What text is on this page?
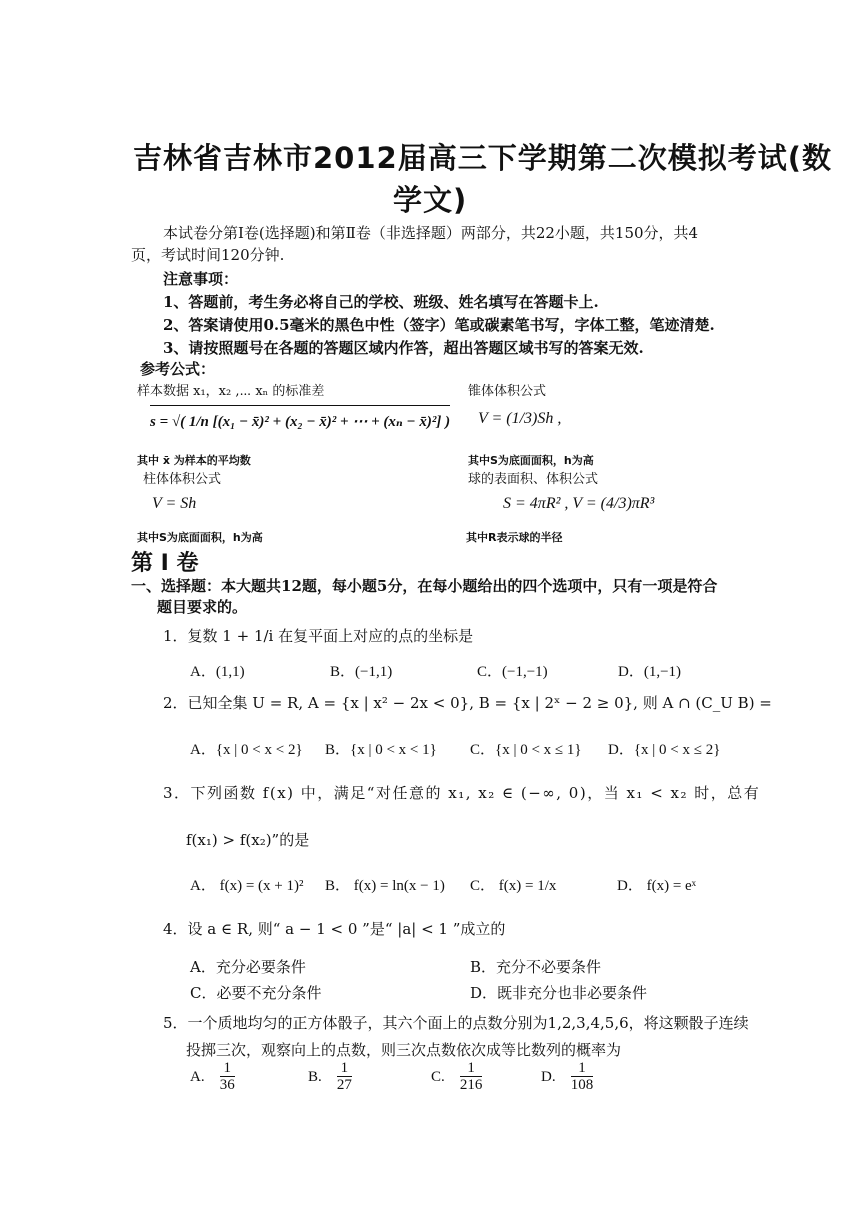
吉林省吉林市2012届高三下学期第二次模拟考试(数
学文)
本试卷分第Ⅰ卷(选择题)和第Ⅱ卷（非选择题）两部分，共22小题，共150分，共4
页，考试时间120分钟.
注意事项：
1、答题前，考生务必将自己的学校、班级、姓名填写在答题卡上.
2、答案请使用0.5毫米的黑色中性（签字）笔或碳素笔书写，字体工整，笔迹清楚.
3、请按照题号在各题的答题区域内作答，超出答题区域书写的答案无效.
参考公式：
样本数据 x₁，x₂ ,⋯ xₙ 的标准差
s = √( 1/n [(x₁ − x̄)² + (x₂ − x̄)² + ⋯ + (xₙ − x̄)²] )
其中 x̄ 为样本的平均数
柱体体积公式
V = Sh
其中S为底面面积，h为高
锥体体积公式
V = (1/3)Sh ,
其中S为底面面积，h为高
球的表面积、体积公式
S = 4πR² , V = (4/3)πR³
其中R表示球的半径
第 I 卷
一、选择题：本大题共12题，每小题5分，在每小题给出的四个选项中，只有一项是符合
题目要求的。
1．复数 1 + 1/i 在复平面上对应的点的坐标是
A．(1,1)	B．(−1,1)	C．(−1,−1)	D．(1,−1)
2．已知全集 U = R, A = {x | x² − 2x < 0}, B = {x | 2ˣ − 2 ≥ 0}, 则 A ∩ (C_U B) =
A．{x | 0 < x < 2} B．{x | 0 < x < 1} C．{x | 0 < x ≤ 1} D．{x | 0 < x ≤ 2}
3．下列函数 f(x) 中，满足“对任意的 x₁, x₂ ∈ (−∞, 0)，当 x₁ < x₂ 时，总有
f(x₁) > f(x₂)”的是
A． f(x) = (x + 1)² B． f(x) = ln(x − 1) C． f(x) = 1/x	D． f(x) = eˣ
4．设 a ∈ R, 则“ a − 1 < 0 ”是“ |a| < 1 ”成立的
A．充分必要条件	B．充分不必要条件
C．必要不充分条件	D．既非充分也非必要条件
5．一个质地均匀的正方体骰子，其六个面上的点数分别为1,2,3,4,5,6，将这颗骰子连续
投掷三次，观察向上的点数，则三次点数依次成等比数列的概率为
A. $\frac{1}{36}$	B. $\frac{1}{27}$	C. $\frac{1}{216}$	D. $\frac{1}{108}$
